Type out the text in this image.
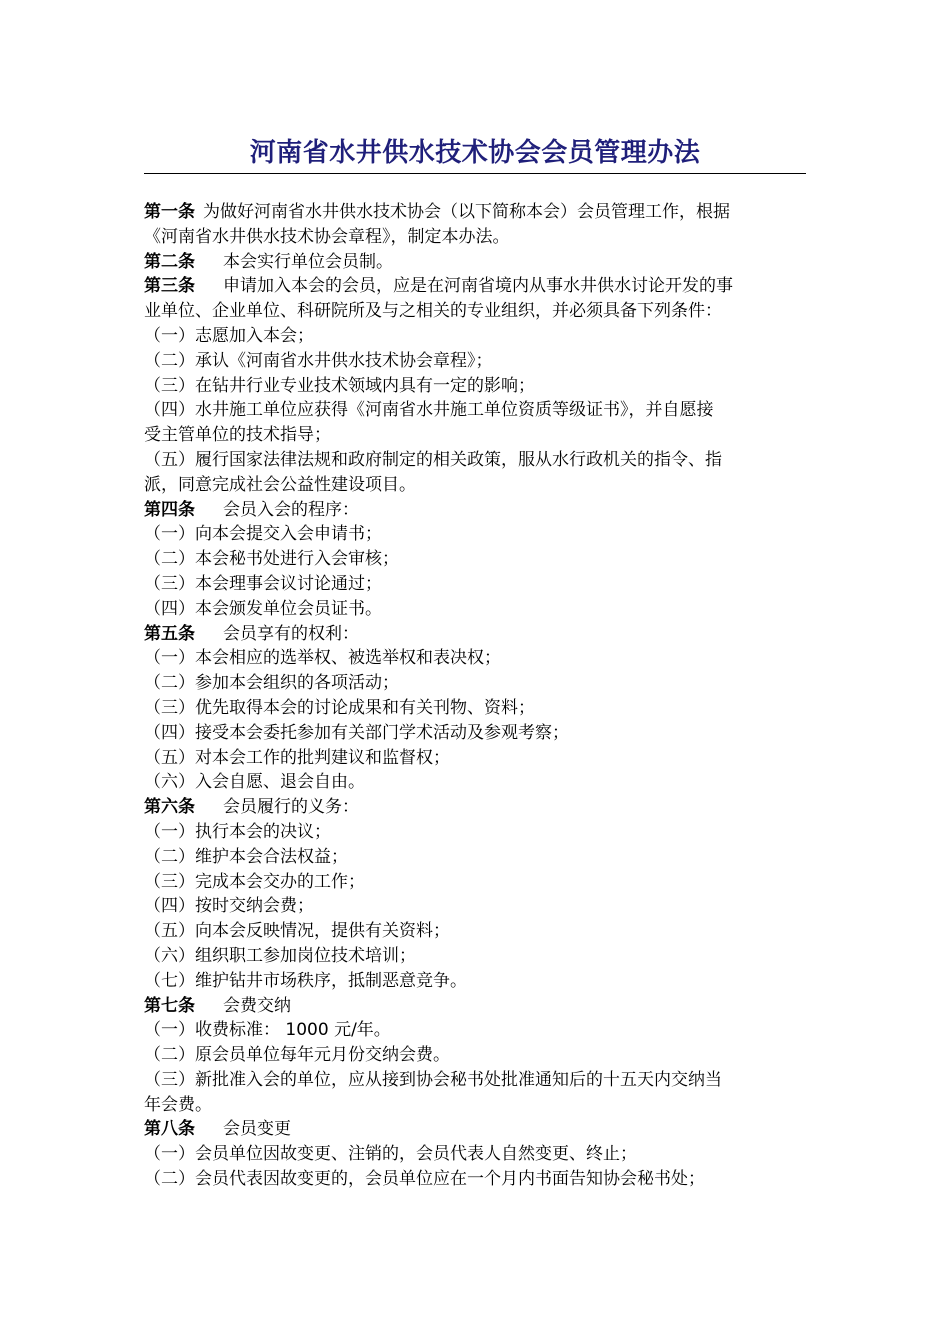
河南省水井供水技术协会会员管理办法
第一条 为做好河南省水井供水技术协会（以下简称本会）会员管理工作，根据
《河南省水井供水技术协会章程》，制定本办法。
第二条 本会实行单位会员制。
第三条 申请加入本会的会员，应是在河南省境内从事水井供水讨论开发的事
业单位、企业单位、科研院所及与之相关的专业组织，并必须具备下列条件：
（一）志愿加入本会；
（二）承认《河南省水井供水技术协会章程》；
（三）在钻井行业专业技术领域内具有一定的影响；
（四）水井施工单位应获得《河南省水井施工单位资质等级证书》，并自愿接
受主管单位的技术指导；
（五）履行国家法律法规和政府制定的相关政策，服从水行政机关的指令、指
派，同意完成社会公益性建设项目。
第四条 会员入会的程序：
（一）向本会提交入会申请书；
（二）本会秘书处进行入会审核；
（三）本会理事会议讨论通过；
（四）本会颁发单位会员证书。
第五条 会员享有的权利：
（一）本会相应的选举权、被选举权和表决权；
（二）参加本会组织的各项活动；
（三）优先取得本会的讨论成果和有关刊物、资料；
（四）接受本会委托参加有关部门学术活动及参观考察；
（五）对本会工作的批判建议和监督权；
（六）入会自愿、退会自由。
第六条 会员履行的义务：
（一）执行本会的决议；
（二）维护本会合法权益；
（三）完成本会交办的工作；
（四）按时交纳会费；
（五）向本会反映情况，提供有关资料；
（六）组织职工参加岗位技术培训；
（七）维护钻井市场秩序，抵制恶意竞争。
第七条 会费交纳
（一）收费标准： 1000 元/年。
（二）原会员单位每年元月份交纳会费。
（三）新批准入会的单位，应从接到协会秘书处批准通知后的十五天内交纳当
年会费。
第八条 会员变更
（一）会员单位因故变更、注销的，会员代表人自然变更、终止；
（二）会员代表因故变更的，会员单位应在一个月内书面告知协会秘书处；
